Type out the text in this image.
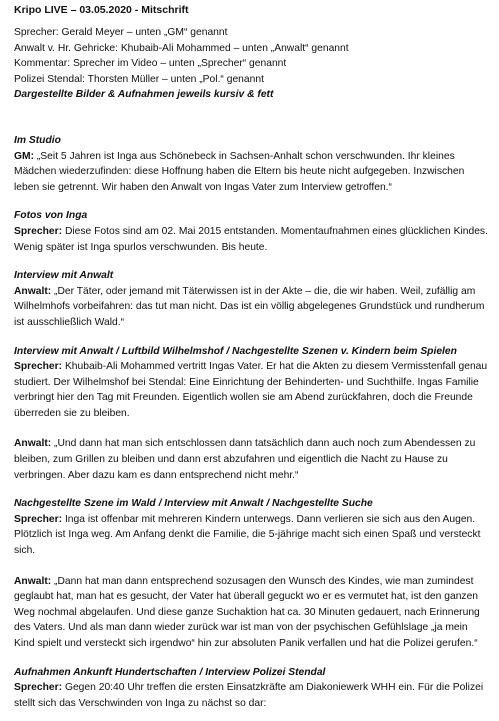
Kripo LIVE – 03.05.2020 - Mitschrift
Sprecher: Gerald Meyer – unten „GM“ genannt
Anwalt v. Hr. Gehricke: Khubaib-Ali Mohammed – unten „Anwalt“ genannt
Kommentar: Sprecher im Video – unten „Sprecher“ genannt
Polizei Stendal: Thorsten Müller – unten „Pol.“ genannt
Dargestellte Bilder & Aufnahmen jeweils kursiv & fett
Im Studio

GM: „Seit 5 Jahren ist Inga aus Schönebeck in Sachsen-Anhalt schon verschwunden. Ihr kleines Mädchen wiederzufinden: diese Hoffnung haben die Eltern bis heute nicht aufgegeben. Inzwischen leben sie getrennt. Wir haben den Anwalt von Ingas Vater zum Interview getroffen.“

Fotos von Inga

Sprecher: Diese Fotos sind am 02. Mai 2015 entstanden. Momentaufnahmen eines glücklichen Kindes. Wenig später ist Inga spurlos verschwunden. Bis heute.

Interview mit Anwalt

Anwalt: „Der Täter, oder jemand mit Täterwissen ist in der Akte – die, die wir haben. Weil, zufällig am Wilhelmhofs vorbeifahren: das tut man nicht. Das ist ein völlig abgelegenes Grundstück und rundherum ist ausschließlich Wald.“

Interview mit Anwalt / Luftbild Wilhelmshof / Nachgestellte Szenen v. Kindern beim Spielen

Sprecher: Khubaib-Ali Mohammed vertritt Ingas Vater. Er hat die Akten zu diesem Vermisstenfall genau studiert. Der Wilhelmshof bei Stendal: Eine Einrichtung der Behinderten- und Suchthilfe. Ingas Familie verbringt hier den Tag mit Freunden. Eigentlich wollen sie am Abend zurückfahren, doch die Freunde überreden sie zu bleiben.

Anwalt: „Und dann hat man sich entschlossen dann tatsächlich dann auch noch zum Abendessen zu bleiben, zum Grillen zu bleiben und dann erst abzufahren und eigentlich die Nacht zu Hause zu verbringen. Aber dazu kam es dann entsprechend nicht mehr.“

Nachgestellte Szene im Wald / Interview mit Anwalt / Nachgestellte Suche

Sprecher: Inga ist offenbar mit mehreren Kindern unterwegs. Dann verlieren sie sich aus den Augen. Plötzlich ist Inga weg. Am Anfang denkt die Familie, die 5-jährige macht sich einen Spaß und versteckt sich.

Anwalt: „Dann hat man dann entsprechend sozusagen den Wunsch des Kindes, wie man zumindest geglaubt hat, man hat es gesucht, der Vater hat überall geguckt wo er es vermutet hat, ist den ganzen Weg nochmal abgelaufen. Und diese ganze Suchaktion hat ca. 30 Minuten gedauert, nach Erinnerung des Vaters. Und als man dann wieder zurück war ist man von der psychischen Gefühlslage „ja mein Kind spielt und versteckt sich irgendwo“ hin zur absoluten Panik verfallen und hat die Polizei gerufen.“

Aufnahmen Ankunft Hundertschaften / Interview Polizei Stendal

Sprecher: Gegen 20:40 Uhr treffen die ersten Einsatzkräfte am Diakoniewerk WHH ein. Für die Polizei stellt sich das Verschwinden von Inga zu nächst so dar:
